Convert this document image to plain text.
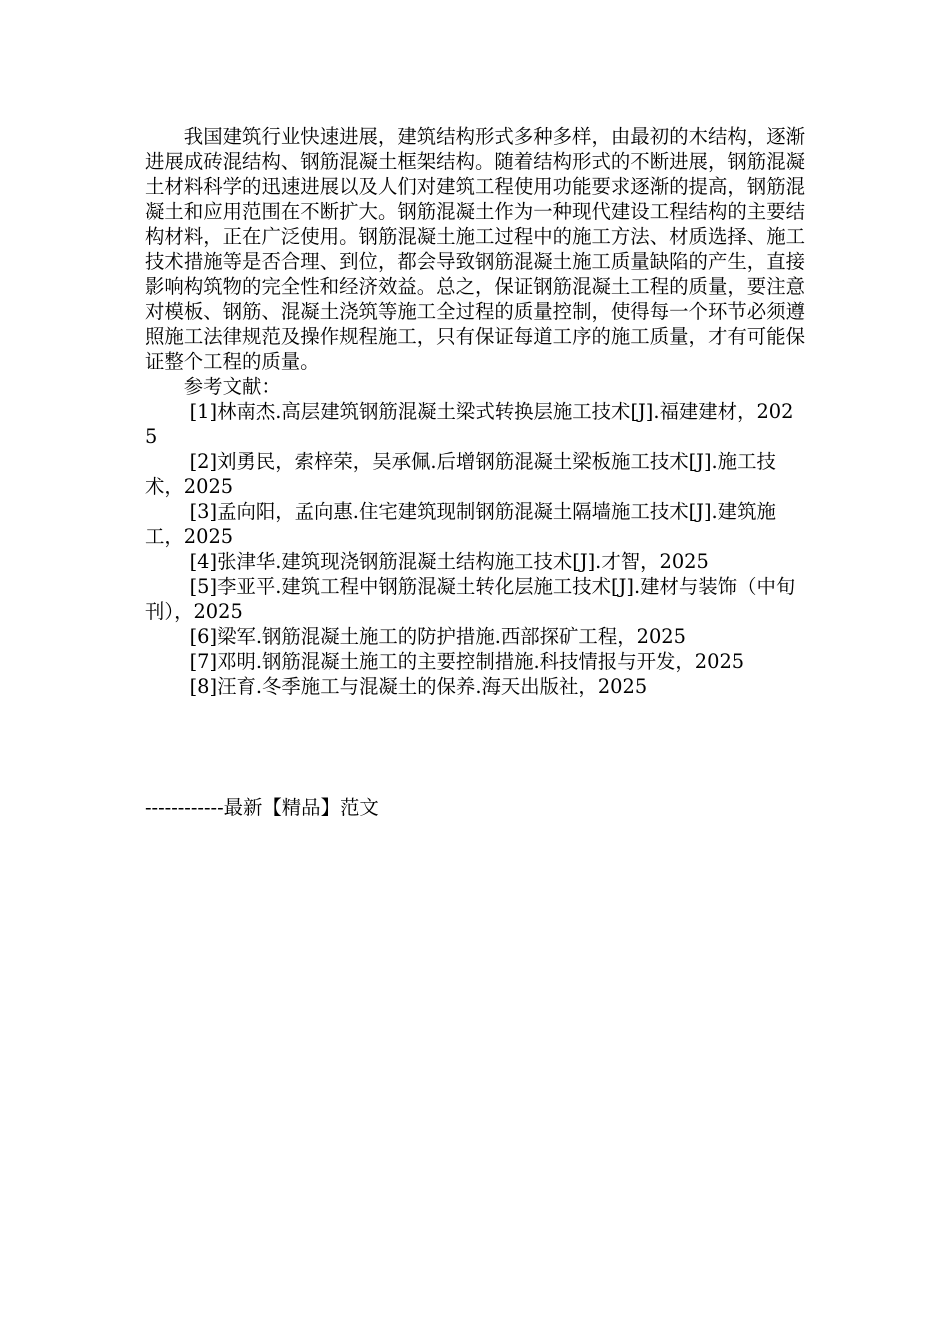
我国建筑行业快速进展，建筑结构形式多种多样，由最初的木结构，逐渐进展成砖混结构、钢筋混凝土框架结构。随着结构形式的不断进展，钢筋混凝土材料科学的迅速进展以及人们对建筑工程使用功能要求逐渐的提高，钢筋混凝土和应用范围在不断扩大。钢筋混凝土作为一种现代建设工程结构的主要结构材料，正在广泛使用。钢筋混凝土施工过程中的施工方法、材质选择、施工技术措施等是否合理、到位，都会导致钢筋混凝土施工质量缺陷的产生，直接影响构筑物的完全性和经济效益。总之，保证钢筋混凝土工程的质量，要注意对模板、钢筋、混凝土浇筑等施工全过程的质量控制，使得每一个环节必须遵照施工法律规范及操作规程施工，只有保证每道工序的施工质量，才有可能保证整个工程的质量。

参考文献：

[1]林南杰.高层建筑钢筋混凝土梁式转换层施工技术[J].福建建材，2025
[2]刘勇民，索梓荣，吴承佩.后增钢筋混凝土梁板施工技术[J].施工技术，2025
[3]孟向阳，孟向惠.住宅建筑现制钢筋混凝土隔墙施工技术[J].建筑施工，2025
[4]张津华.建筑现浇钢筋混凝土结构施工技术[J].才智，2025
[5]李亚平.建筑工程中钢筋混凝土转化层施工技术[J].建材与装饰（中旬刊），2025
[6]梁军.钢筋混凝土施工的防护措施.西部探矿工程，2025
[7]邓明.钢筋混凝土施工的主要控制措施.科技情报与开发，2025
[8]汪育.冬季施工与混凝土的保养.海天出版社，2025
------------最新【精品】范文
